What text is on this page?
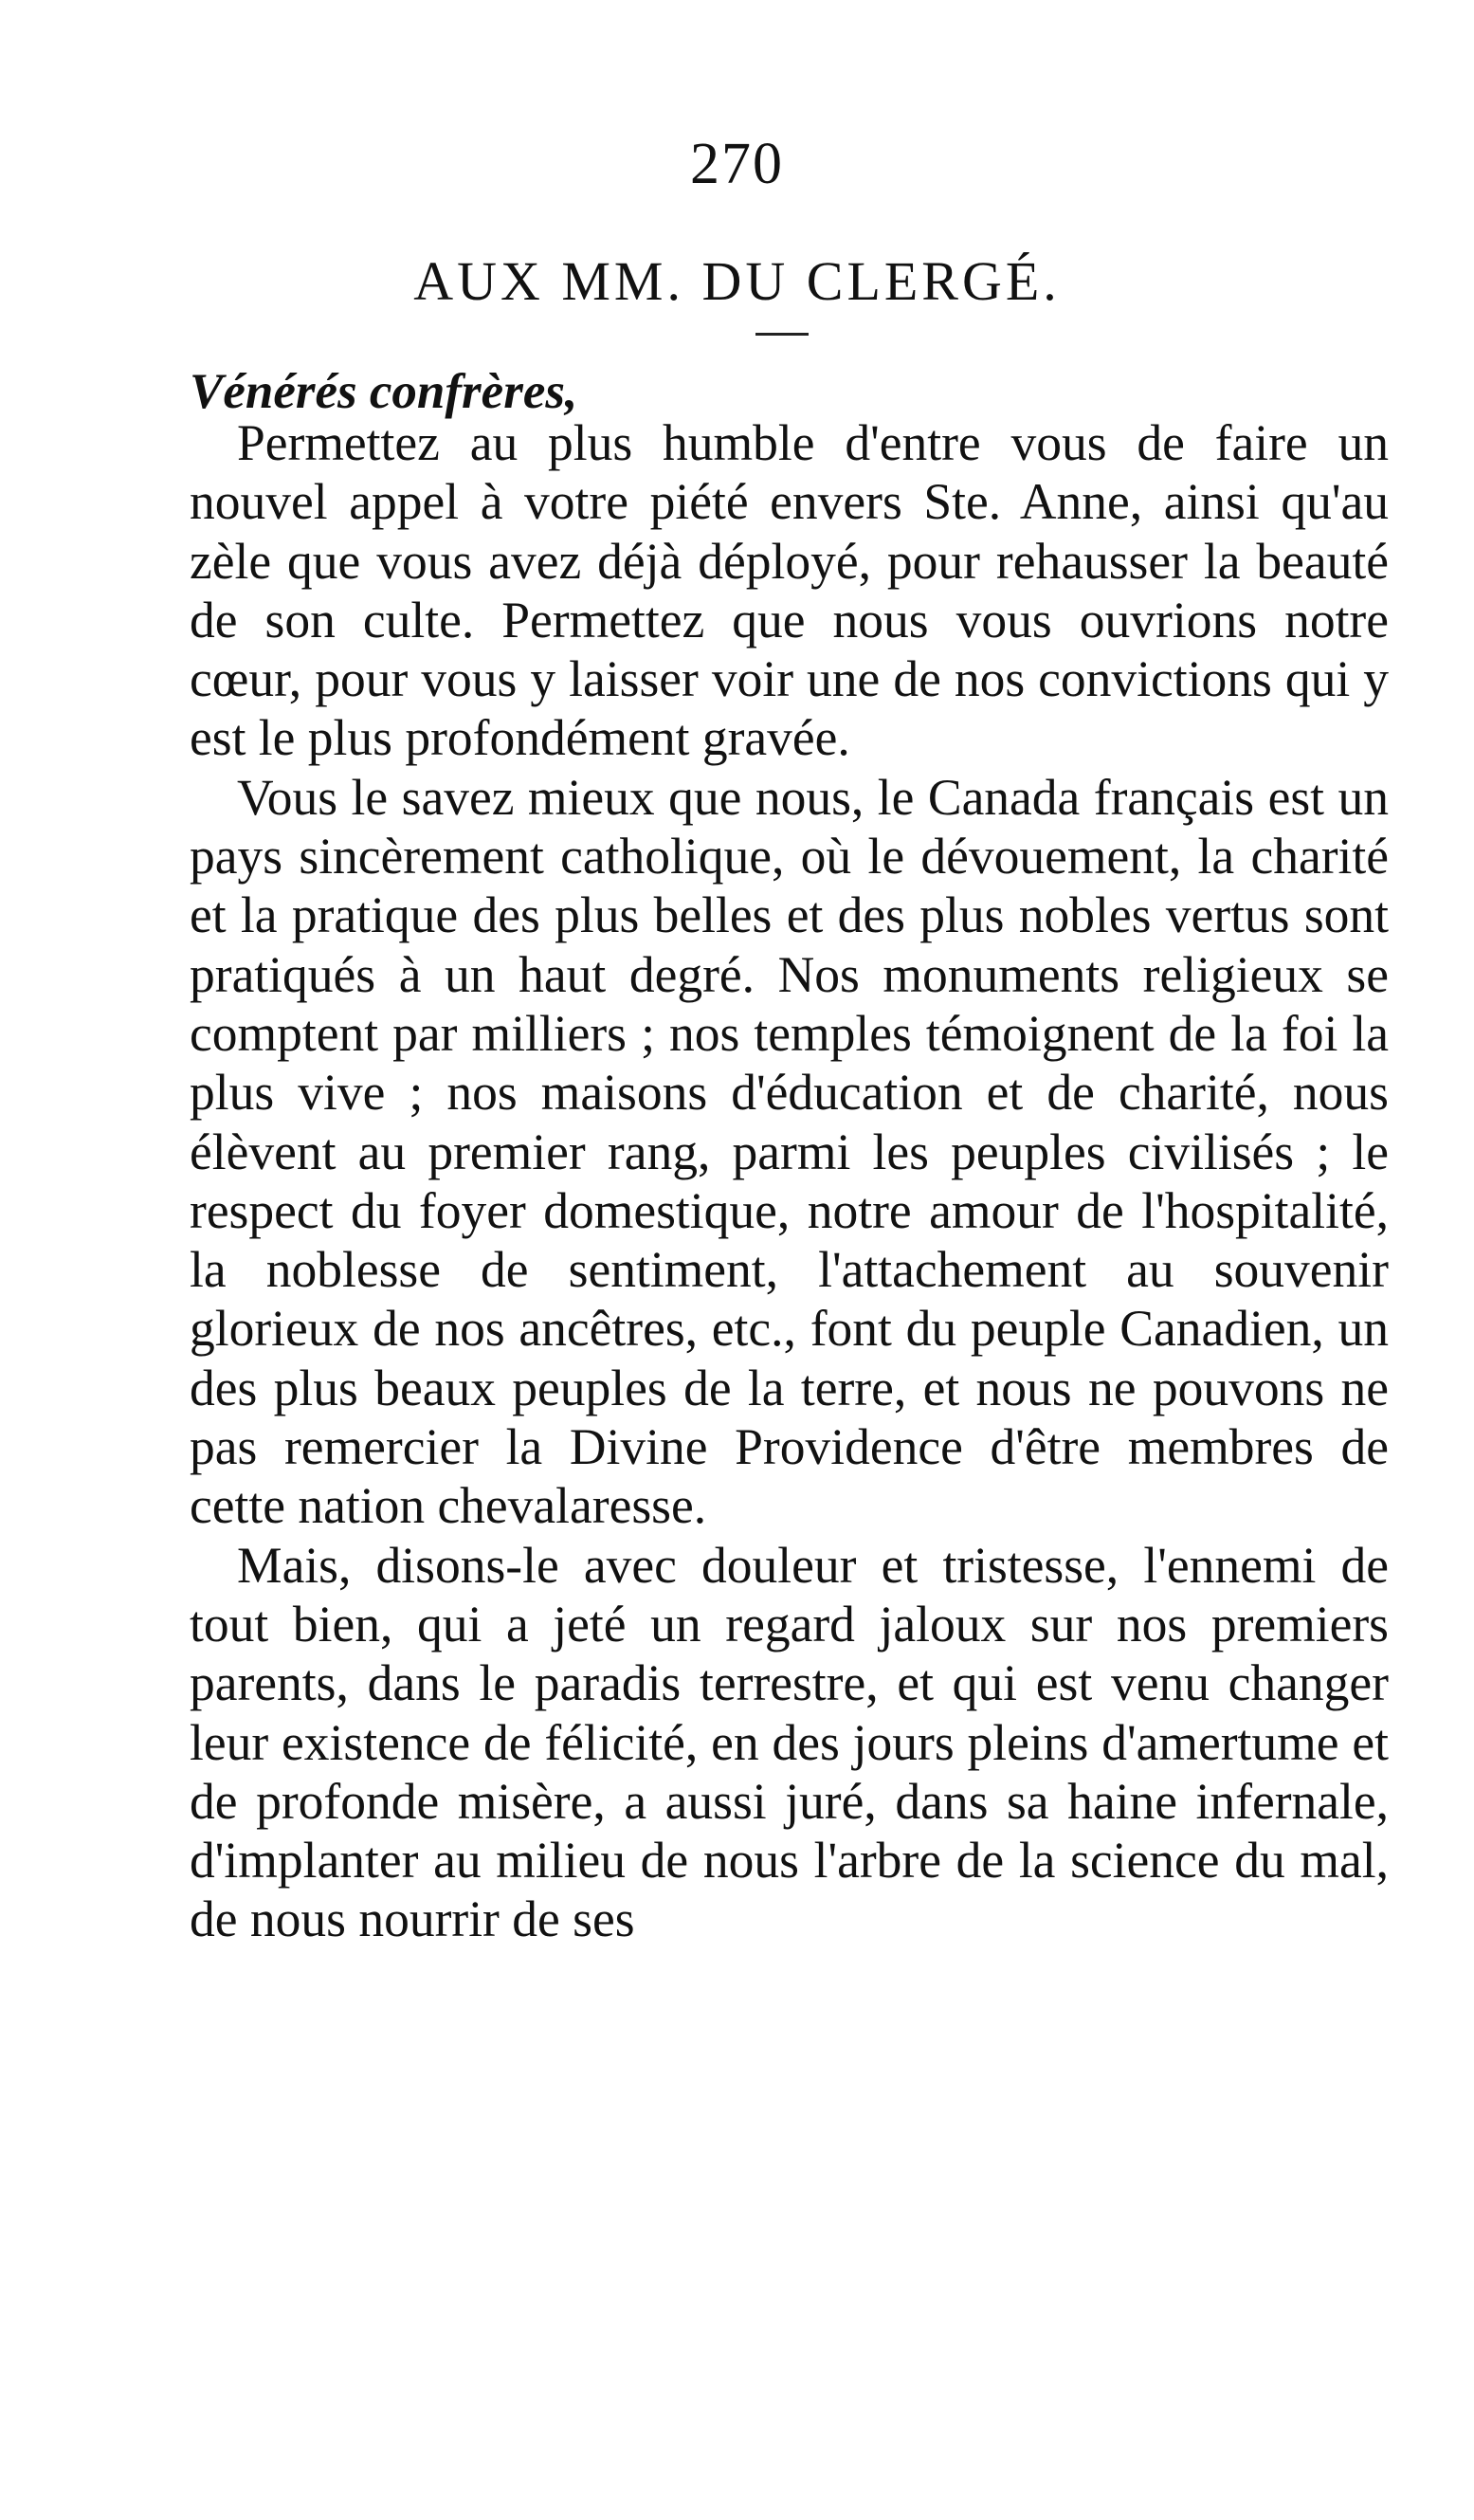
270
AUX MM. DU CLERGÉ.
Vénérés confrères,

Permettez au plus humble d'entre vous de faire un nouvel appel à votre piété envers Ste. Anne, ainsi qu'au zèle que vous avez déjà déployé, pour rehausser la beauté de son culte. Permettez que nous vous ouvrions notre cœur, pour vous y laisser voir une de nos convictions qui y est le plus profondément gravée.

Vous le savez mieux que nous, le Canada français est un pays sincèrement catholique, où le dévouement, la charité et la pratique des plus belles et des plus nobles vertus sont pratiqués à un haut degré. Nos monuments religieux se comptent par milliers ; nos temples témoignent de la foi la plus vive ; nos maisons d'éducation et de charité, nous élèvent au premier rang, parmi les peuples civilisés ; le respect du foyer domestique, notre amour de l'hospitalité, la noblesse de sentiment, l'attachement au souvenir glorieux de nos ancêtres, etc., font du peuple Canadien, un des plus beaux peuples de la terre, et nous ne pouvons ne pas remercier la Divine Providence d'être membres de cette nation chevalaresse.

Mais, disons-le avec douleur et tristesse, l'ennemi de tout bien, qui a jeté un regard jaloux sur nos premiers parents, dans le paradis terrestre, et qui est venu changer leur existence de félicité, en des jours pleins d'amertume et de profonde misère, a aussi juré, dans sa haine infernale, d'implanter au milieu de nous l'arbre de la science du mal, de nous nourrir de ses
